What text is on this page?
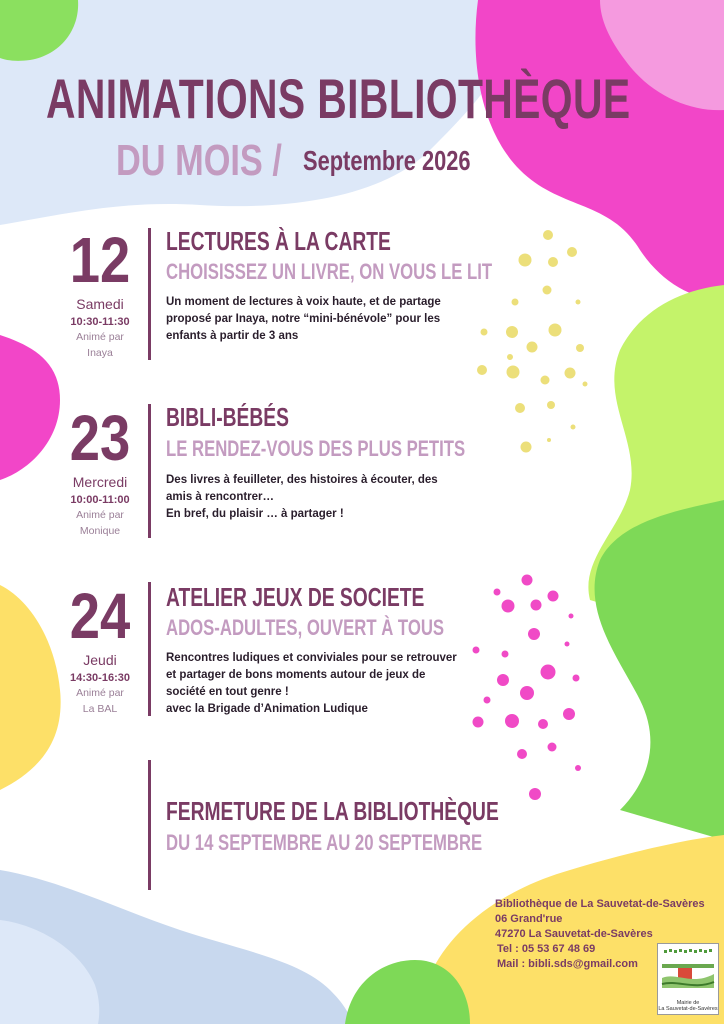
ANIMATIONS BIBLIOTHÈQUE
DU MOIS / Septembre 2026
12
Samedi
10:30-11:30
Animé par
Inaya
LECTURES À LA CARTE
CHOISISSEZ UN LIVRE, ON VOUS LE LIT
Un moment de lectures à voix haute, et de partage
proposé par Inaya, notre “mini-bénévole” pour les
enfants à partir de 3 ans
23
Mercredi
10:00-11:00
Animé par
Monique
BIBLI-BÉBÉS
LE RENDEZ-VOUS DES PLUS PETITS
Des livres à feuilleter, des histoires à écouter, des
amis à rencontrer…
En bref, du plaisir … à partager !
24
Jeudi
14:30-16:30
Animé par
La BAL
ATELIER JEUX DE SOCIETE
ADOS-ADULTES, OUVERT À TOUS
Rencontres ludiques et conviviales pour se retrouver
et partager de bons moments autour de jeux de
société en tout genre !
avec la Brigade d’Animation Ludique
FERMETURE DE LA BIBLIOTHÈQUE
DU 14 SEPTEMBRE AU 20 SEPTEMBRE
Bibliothèque de La Sauvetat-de-Savères
06 Grand'rue
47270 La Sauvetat-de-Savères
Tel : 05 53 67 48 69
Mail : bibli.sds@gmail.com
Mairie de
La Sauvetat-de-Savères
